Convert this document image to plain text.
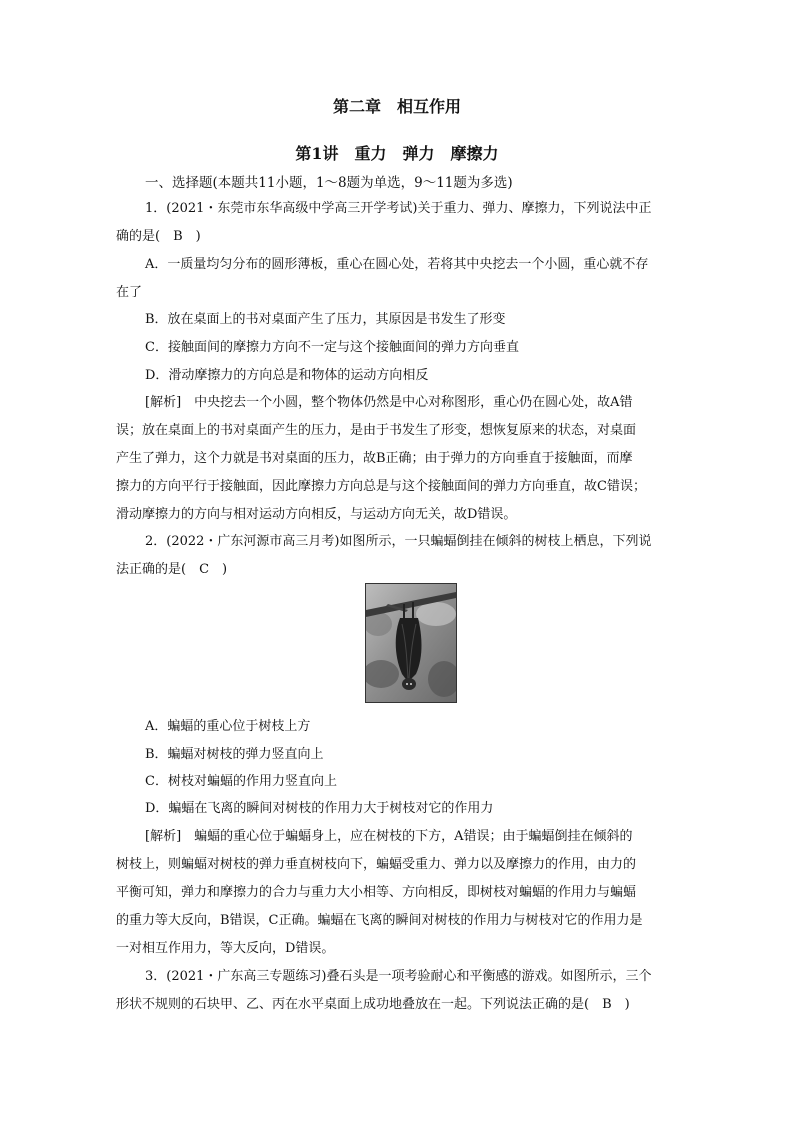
第二章　相互作用
第1讲　重力　弹力　摩擦力
一、选择题(本题共11小题，1～8题为单选，9～11题为多选)
1．(2021・东莞市东华高级中学高三开学考试)关于重力、弹力、摩擦力，下列说法中正
确的是(　B　)
A．一质量均匀分布的圆形薄板，重心在圆心处，若将其中央挖去一个小圆，重心就不存
在了
B．放在桌面上的书对桌面产生了压力，其原因是书发生了形变
C．接触面间的摩擦力方向不一定与这个接触面间的弹力方向垂直
D．滑动摩擦力的方向总是和物体的运动方向相反
[解析]　中央挖去一个小圆，整个物体仍然是中心对称图形，重心仍在圆心处，故A错
误；放在桌面上的书对桌面产生的压力，是由于书发生了形变，想恢复原来的状态，对桌面
产生了弹力，这个力就是书对桌面的压力，故B正确；由于弹力的方向垂直于接触面，而摩
擦力的方向平行于接触面，因此摩擦力方向总是与这个接触面间的弹力方向垂直，故C错误；
滑动摩擦力的方向与相对运动方向相反，与运动方向无关，故D错误。
2．(2022・广东河源市高三月考)如图所示，一只蝙蝠倒挂在倾斜的树枝上栖息，下列说
法正确的是(　C　)
A．蝙蝠的重心位于树枝上方
B．蝙蝠对树枝的弹力竖直向上
C．树枝对蝙蝠的作用力竖直向上
D．蝙蝠在飞离的瞬间对树枝的作用力大于树枝对它的作用力
[解析]　蝙蝠的重心位于蝙蝠身上，应在树枝的下方，A错误；由于蝙蝠倒挂在倾斜的
树枝上，则蝙蝠对树枝的弹力垂直树枝向下，蝙蝠受重力、弹力以及摩擦力的作用，由力的
平衡可知，弹力和摩擦力的合力与重力大小相等、方向相反，即树枝对蝙蝠的作用力与蝙蝠
的重力等大反向，B错误，C正确。蝙蝠在飞离的瞬间对树枝的作用力与树枝对它的作用力是
一对相互作用力，等大反向，D错误。
3．(2021・广东高三专题练习)叠石头是一项考验耐心和平衡感的游戏。如图所示，三个
形状不规则的石块甲、乙、丙在水平桌面上成功地叠放在一起。下列说法正确的是(　B　)
